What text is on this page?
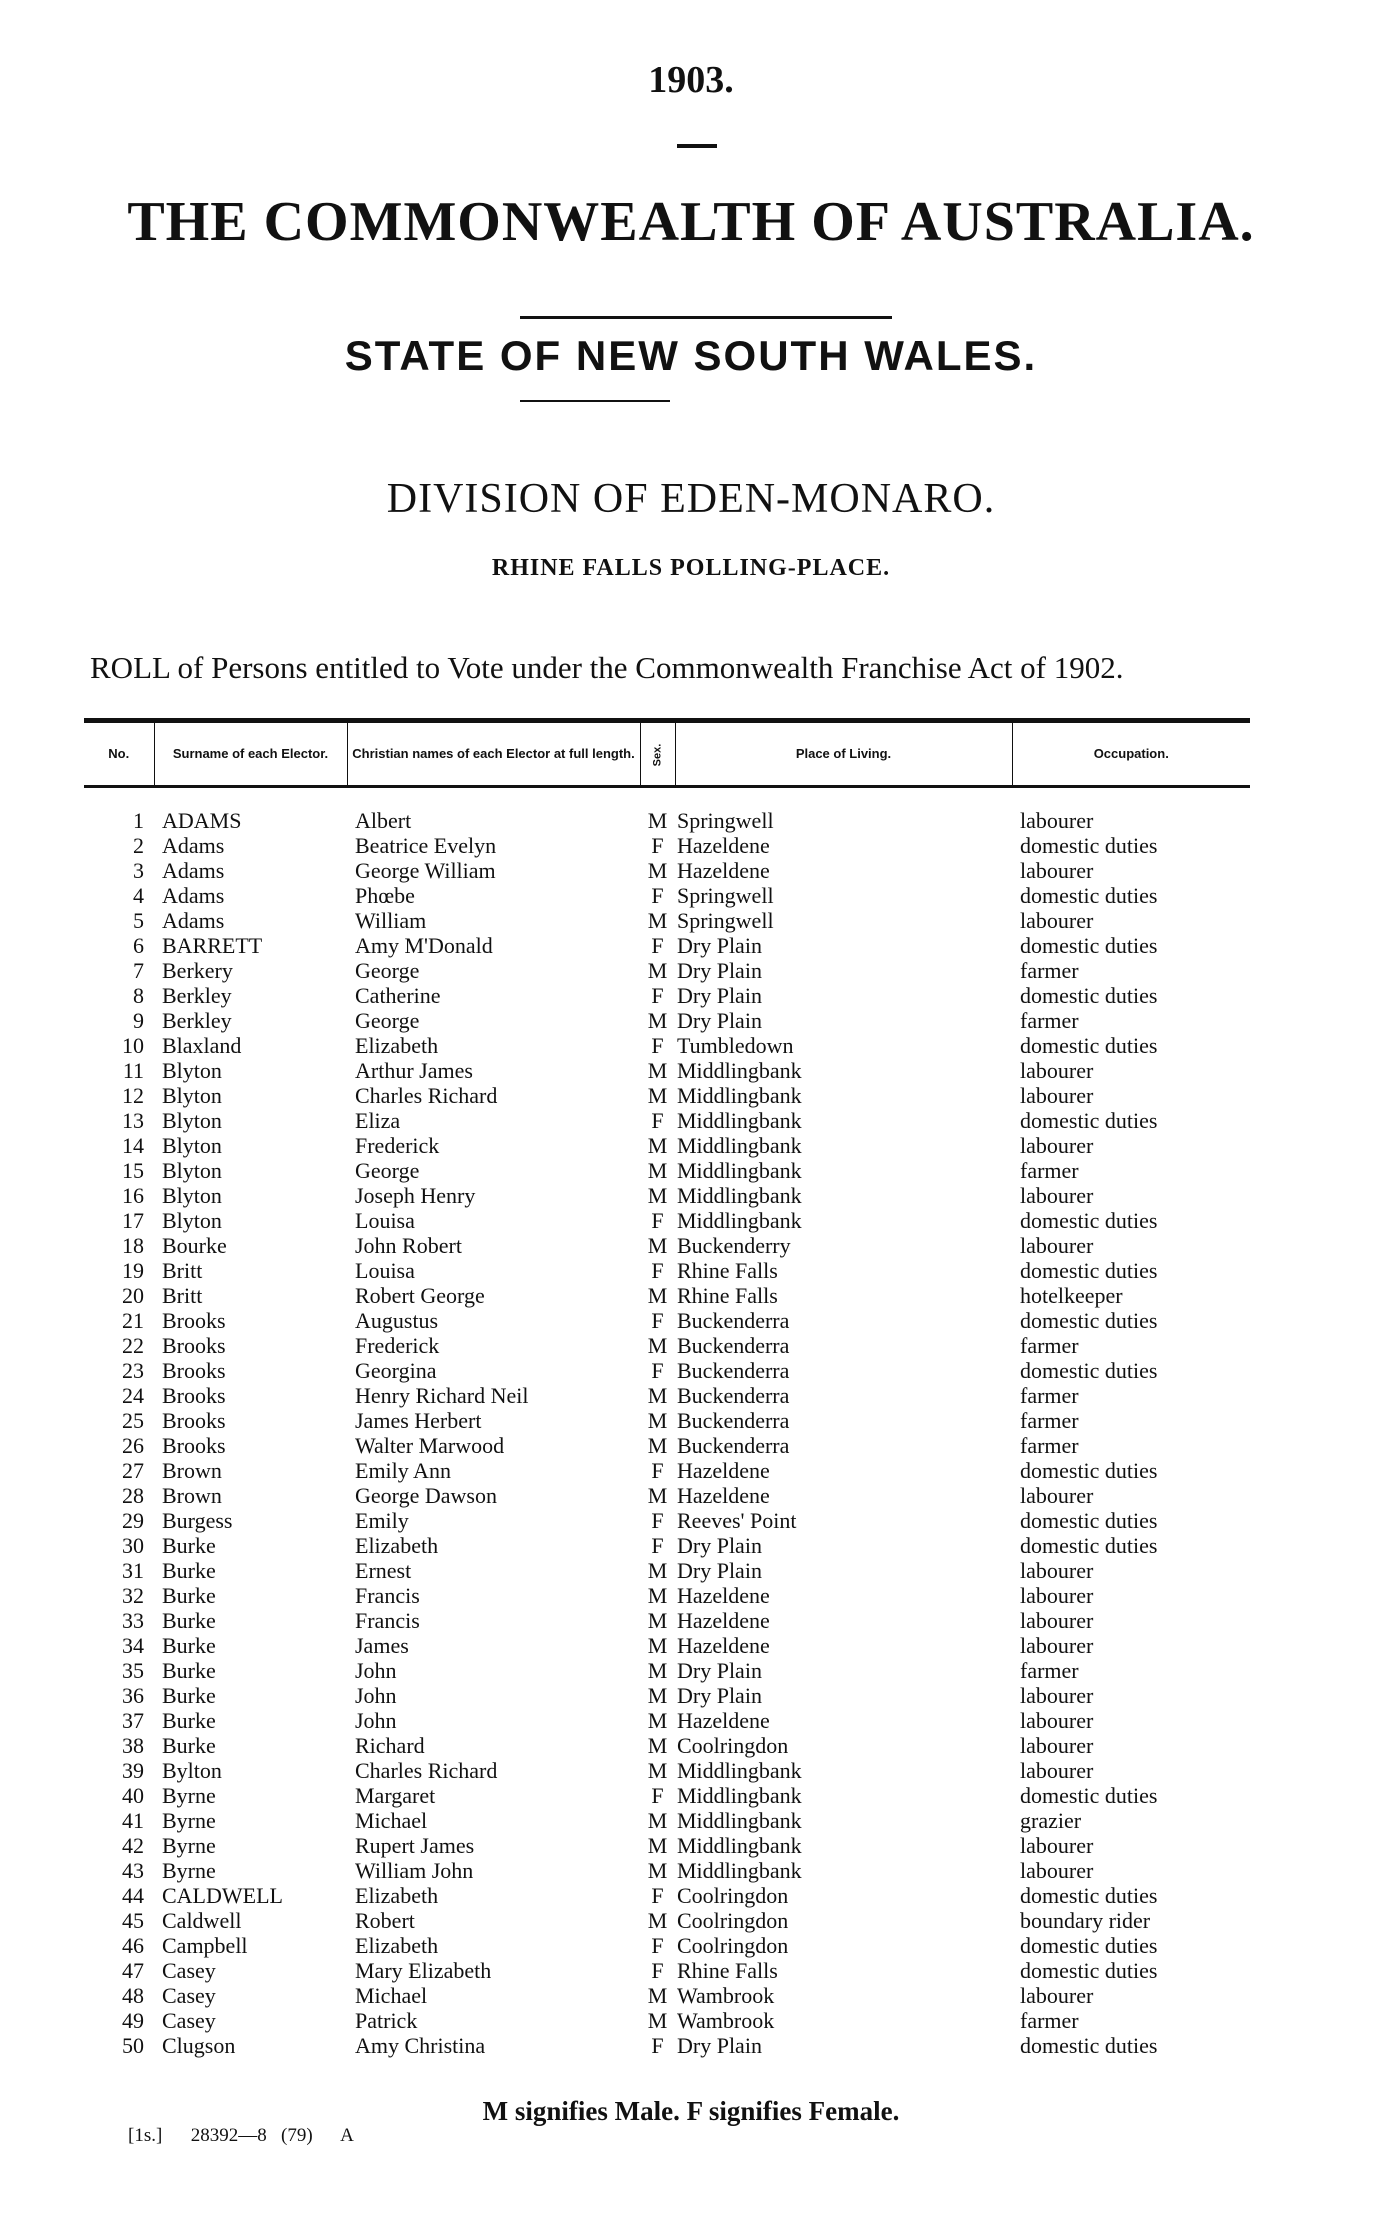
1903.
THE COMMONWEALTH OF AUSTRALIA.
STATE OF NEW SOUTH WALES.
DIVISION OF EDEN-MONARO.
RHINE FALLS POLLING-PLACE.
ROLL of Persons entitled to Vote under the Commonwealth Franchise Act of 1902.
No.	Surname of each Elector.	Christian names of each Elector at full length.	Sex.	Place of Living.	Occupation.
1	ADAMS	Albert	M	Springwell	labourer
2	Adams	Beatrice Evelyn	F	Hazeldene	domestic duties
3	Adams	George William	M	Hazeldene	labourer
4	Adams	Phœbe	F	Springwell	domestic duties
5	Adams	William	M	Springwell	labourer
6	BARRETT	Amy M'Donald	F	Dry Plain	domestic duties
7	Berkery	George	M	Dry Plain	farmer
8	Berkley	Catherine	F	Dry Plain	domestic duties
9	Berkley	George	M	Dry Plain	farmer
10	Blaxland	Elizabeth	F	Tumbledown	domestic duties
11	Blyton	Arthur James	M	Middlingbank	labourer
12	Blyton	Charles Richard	M	Middlingbank	labourer
13	Blyton	Eliza	F	Middlingbank	domestic duties
14	Blyton	Frederick	M	Middlingbank	labourer
15	Blyton	George	M	Middlingbank	farmer
16	Blyton	Joseph Henry	M	Middlingbank	labourer
17	Blyton	Louisa	F	Middlingbank	domestic duties
18	Bourke	John Robert	M	Buckenderry	labourer
19	Britt	Louisa	F	Rhine Falls	domestic duties
20	Britt	Robert George	M	Rhine Falls	hotelkeeper
21	Brooks	Augustus	F	Buckenderra	domestic duties
22	Brooks	Frederick	M	Buckenderra	farmer
23	Brooks	Georgina	F	Buckenderra	domestic duties
24	Brooks	Henry Richard Neil	M	Buckenderra	farmer
25	Brooks	James Herbert	M	Buckenderra	farmer
26	Brooks	Walter Marwood	M	Buckenderra	farmer
27	Brown	Emily Ann	F	Hazeldene	domestic duties
28	Brown	George Dawson	M	Hazeldene	labourer
29	Burgess	Emily	F	Reeves' Point	domestic duties
30	Burke	Elizabeth	F	Dry Plain	domestic duties
31	Burke	Ernest	M	Dry Plain	labourer
32	Burke	Francis	M	Hazeldene	labourer
33	Burke	Francis	M	Hazeldene	labourer
34	Burke	James	M	Hazeldene	labourer
35	Burke	John	M	Dry Plain	farmer
36	Burke	John	M	Dry Plain	labourer
37	Burke	John	M	Hazeldene	labourer
38	Burke	Richard	M	Coolringdon	labourer
39	Bylton	Charles Richard	M	Middlingbank	labourer
40	Byrne	Margaret	F	Middlingbank	domestic duties
41	Byrne	Michael	M	Middlingbank	grazier
42	Byrne	Rupert James	M	Middlingbank	labourer
43	Byrne	William John	M	Middlingbank	labourer
44	CALDWELL	Elizabeth	F	Coolringdon	domestic duties
45	Caldwell	Robert	M	Coolringdon	boundary rider
46	Campbell	Elizabeth	F	Coolringdon	domestic duties
47	Casey	Mary Elizabeth	F	Rhine Falls	domestic duties
48	Casey	Michael	M	Wambrook	labourer
49	Casey	Patrick	M	Wambrook	farmer
50	Clugson	Amy Christina	F	Dry Plain	domestic duties
M signifies Male. F signifies Female.
[1s.]      28392—8   (79)      A
